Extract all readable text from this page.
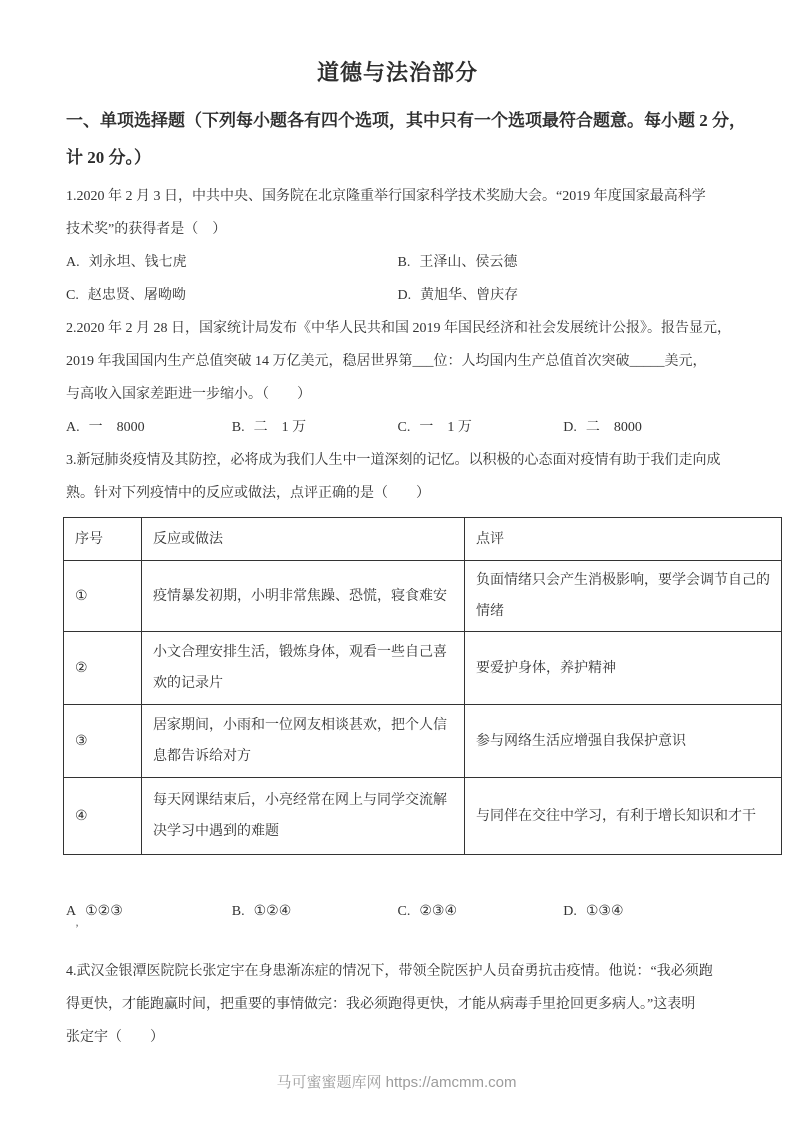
道德与法治部分
一、单项选择题（下列每小题各有四个选项，其中只有一个选项最符合题意。每小题 2 分，
计 20 分。）
1.2020 年 2 月 3 日，中共中央、国务院在北京隆重举行国家科学技术奖励大会。“2019 年度国家最高科学
技术奖”的获得者是（　）
A. 刘永坦、钱七虎	B. 王泽山、侯云德
C. 赵忠贤、屠呦呦	D. 黄旭华、曾庆存
2.2020 年 2 月 28 日，国家统计局发布《中华人民共和国 2019 年国民经济和社会发展统计公报》。报告显元，
2019 年我国国内生产总值突破 14 万亿美元，稳居世界第___位：人均国内生产总值首次突破_____美元，
与高收入国家差距进一步缩小。（　　）
A. 一　8000	B. 二　1 万	C. 一　1 万	D. 二　8000
3.新冠肺炎疫情及其防控，必将成为我们人生中一道深刻的记忆。以积极的心态面对疫情有助于我们走向成
熟。针对下列疫情中的反应或做法，点评正确的是（　　）
序号	反应或做法	点评
①	疫情暴发初期，小明非常焦躁、恐慌，寝食难安	负面情绪只会产生消极影响，要学会调节自己的情绪
②	小文合理安排生活，锻炼身体，观看一些自己喜欢的记录片	要爱护身体，养护精神
③	居家期间，小雨和一位网友相谈甚欢，把个人信息都告诉给对方	参与网络生活应增强自我保护意识
④	每天网课结束后，小亮经常在网上与同学交流解决学习中遇到的难题	与同伴在交往中学习，有利于增长知识和才干
A ①②③	B. ①②④	C. ②③④	D. ①③④
’
4.武汉金银潭医院院长张定宇在身患渐冻症的情况下，带领全院医护人员奋勇抗击疫情。他说：“我必须跑
得更快，才能跑赢时间，把重要的事情做完：我必须跑得更快，才能从病毒手里抢回更多病人。”这表明
张定宇（　　）
马可蜜蜜题库网 https://amcmm.com
